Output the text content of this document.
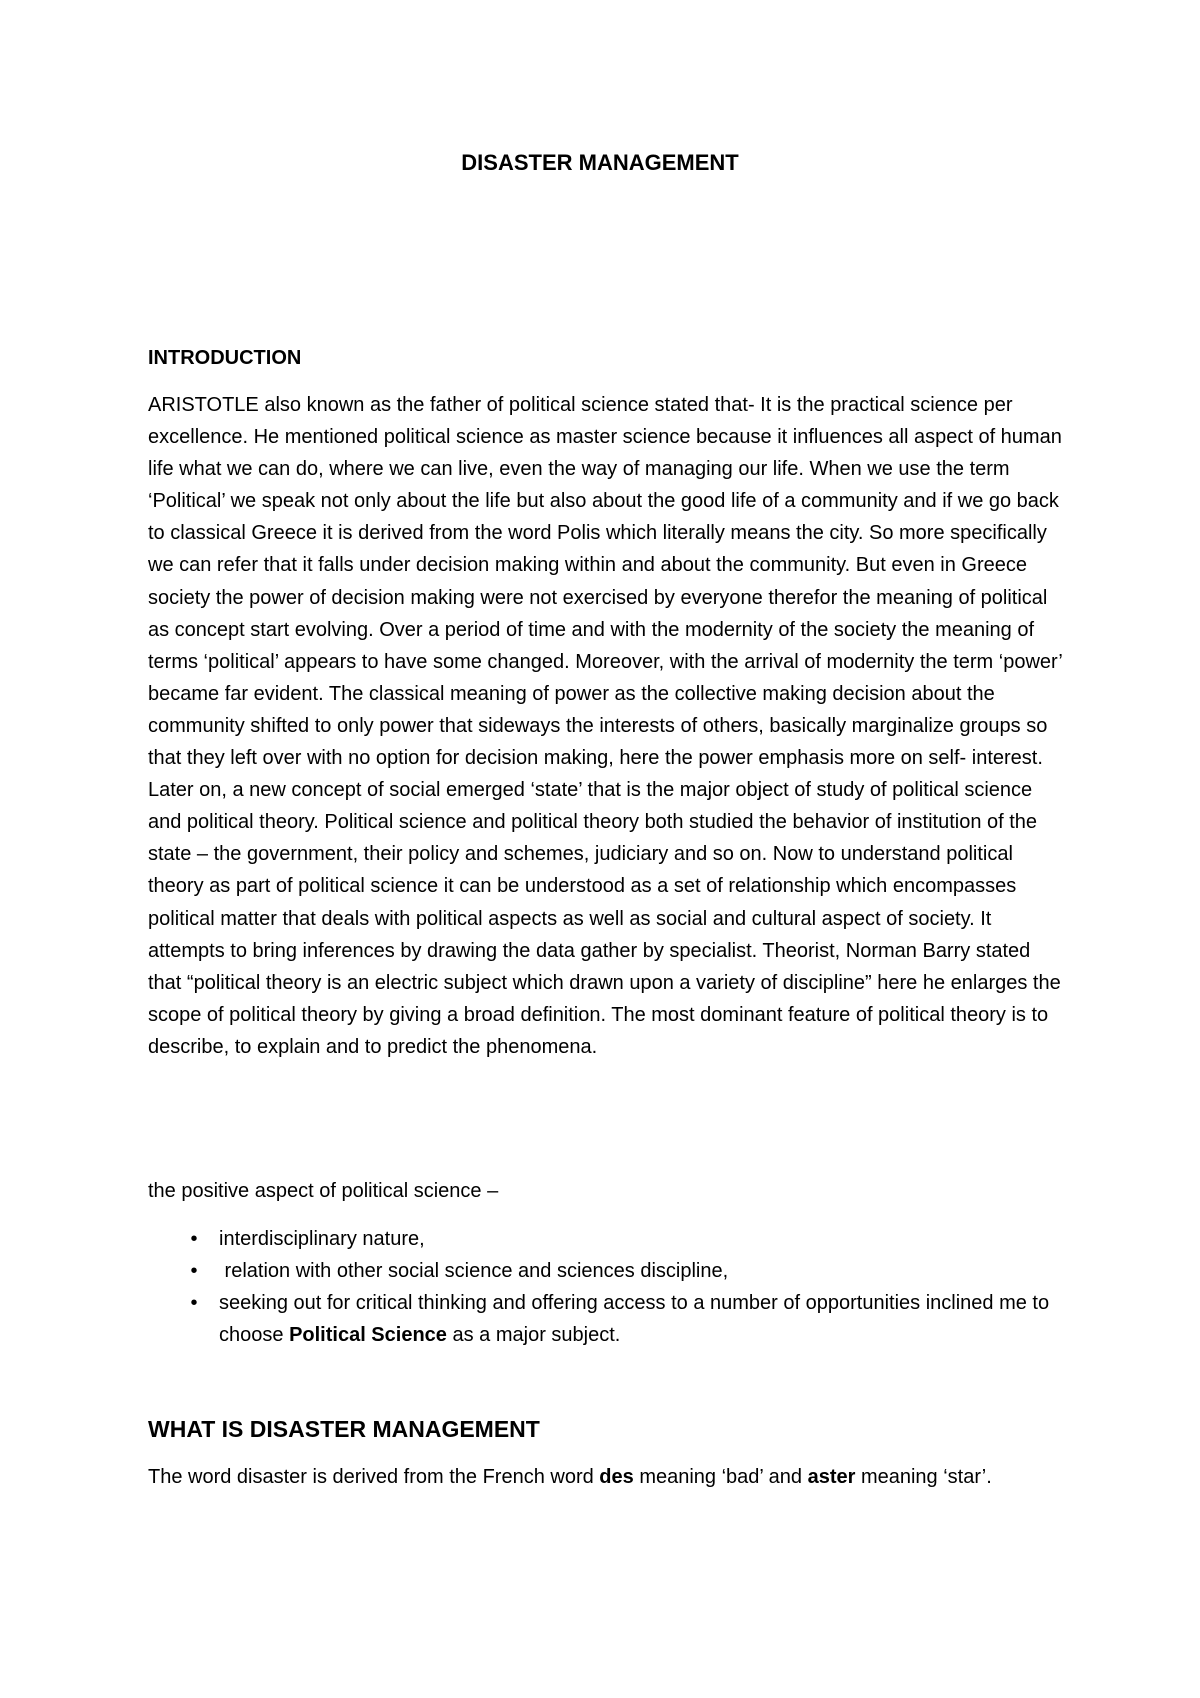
DISASTER MANAGEMENT
INTRODUCTION

ARISTOTLE also known as the father of political science stated that- It is the practical science per excellence. He mentioned political science as master science because it influences all aspect of human life what we can do, where we can live, even the way of managing our life. When we use the term ‘Political’ we speak not only about the life but also about the good life of a community and if we go back to classical Greece it is derived from the word Polis which literally means the city. So more specifically we can refer that it falls under decision making within and about the community. But even in Greece society the power of decision making were not exercised by everyone therefor the meaning of political as concept start evolving. Over a period of time and with the modernity of the society the meaning of terms ‘political’ appears to have some changed. Moreover, with the arrival of modernity the term ‘power’ became far evident. The classical meaning of power as the collective making decision about the community shifted to only power that sideways the interests of others, basically marginalize groups so that they left over with no option for decision making, here the power emphasis more on self- interest. Later on, a new concept of social emerged ‘state’ that is the major object of study of political science and political theory. Political science and political theory both studied the behavior of institution of the state – the government, their policy and schemes, judiciary and so on. Now to understand political theory as part of political science it can be understood as a set of relationship which encompasses political matter that deals with political aspects as well as social and cultural aspect of society. It attempts to bring inferences by drawing the data gather by specialist. Theorist, Norman Barry stated that “political theory is an electric subject which drawn upon a variety of discipline” here he enlarges the scope of political theory by giving a broad definition. The most dominant feature of political theory is to describe, to explain and to predict the phenomena.

the positive aspect of political science –

•	interdisciplinary nature,
•	relation with other social science and sciences discipline,
•	seeking out for critical thinking and offering access to a number of opportunities inclined me to choose Political Science as a major subject.
WHAT IS DISASTER MANAGEMENT

The word disaster is derived from the French word des meaning ‘bad’ and aster meaning ‘star’.
